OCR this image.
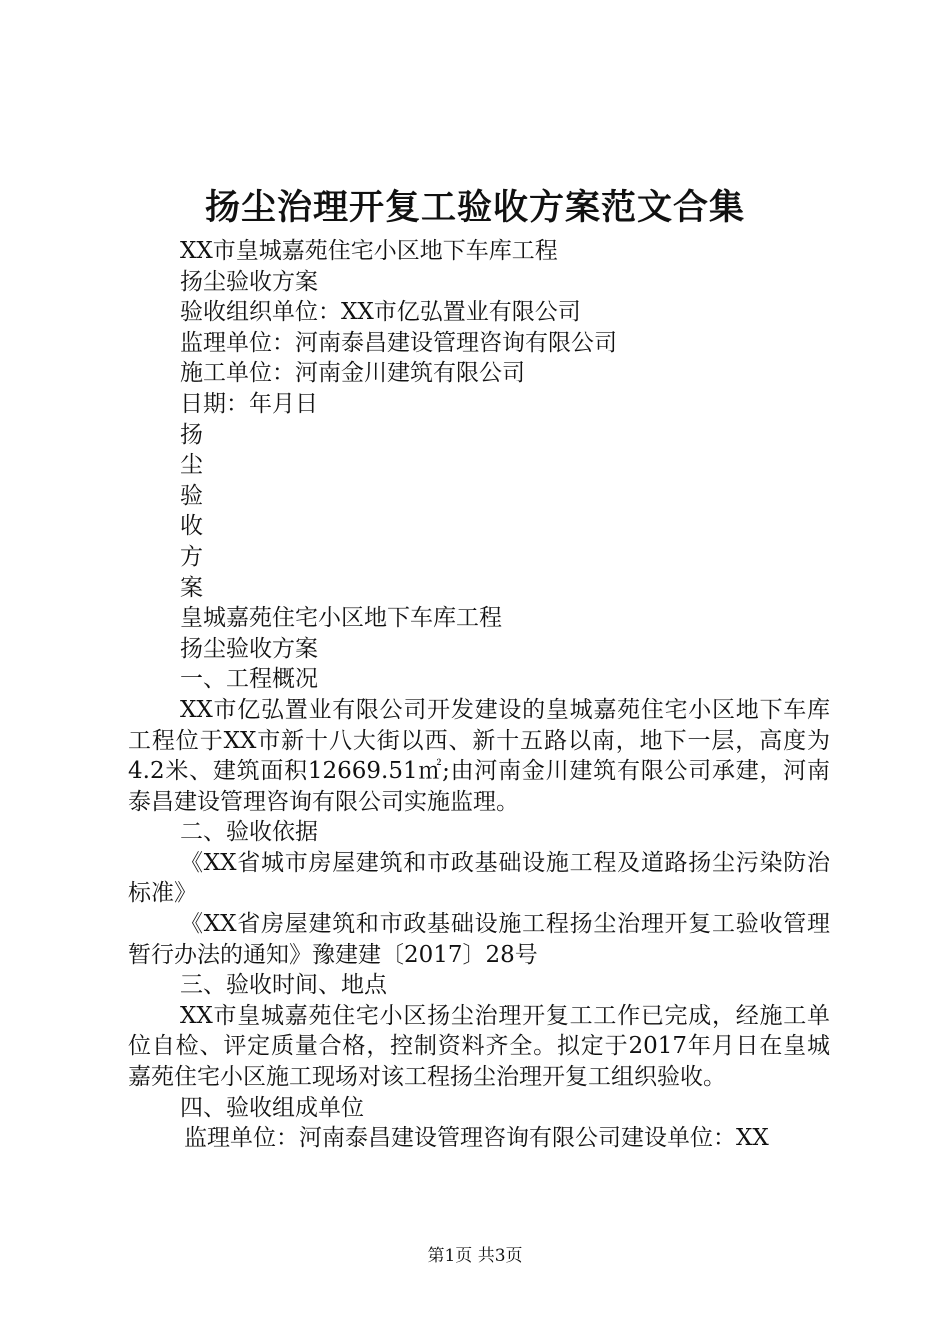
扬尘治理开复工验收方案范文合集

XX市皇城嘉苑住宅小区地下车库工程

扬尘验收方案

验收组织单位：XX市亿弘置业有限公司

监理单位：河南泰昌建设管理咨询有限公司

施工单位：河南金川建筑有限公司

日期：年月日

扬

尘

验

收

方

案

皇城嘉苑住宅小区地下车库工程

扬尘验收方案

一、工程概况

XX市亿弘置业有限公司开发建设的皇城嘉苑住宅小区地下车库工程位于XX市新十八大街以西、新十五路以南，地下一层，高度为4.2米、建筑面积12669.51㎡;由河南金川建筑有限公司承建，河南泰昌建设管理咨询有限公司实施监理。

二、验收依据

《XX省城市房屋建筑和市政基础设施工程及道路扬尘污染防治标准》

《XX省房屋建筑和市政基础设施工程扬尘治理开复工验收管理暂行办法的通知》豫建建〔2017〕28号

三、验收时间、地点

XX市皇城嘉苑住宅小区扬尘治理开复工工作已完成，经施工单位自检、评定质量合格，控制资料齐全。拟定于2017年月日在皇城嘉苑住宅小区施工现场对该工程扬尘治理开复工组织验收。

四、验收组成单位

监理单位：河南泰昌建设管理咨询有限公司建设单位：XX

第1页 共3页
